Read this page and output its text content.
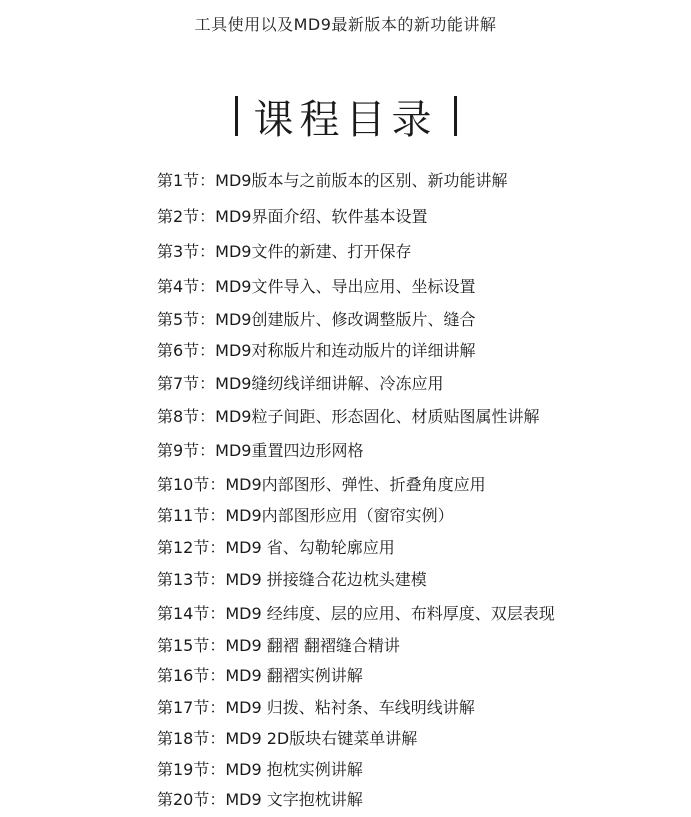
工具使用以及MD9最新版本的新功能讲解
课程目录
第1节：MD9版本与之前版本的区别、新功能讲解
第2节：MD9界面介绍、软件基本设置
第3节：MD9文件的新建、打开保存
第4节：MD9文件导入、导出应用、坐标设置
第5节：MD9创建版片、修改调整版片、缝合
第6节：MD9对称版片和连动版片的详细讲解
第7节：MD9缝纫线详细讲解、冷冻应用
第8节：MD9粒子间距、形态固化、材质贴图属性讲解
第9节：MD9重置四边形网格
第10节：MD9内部图形、弹性、折叠角度应用
第11节：MD9内部图形应用（窗帘实例）
第12节：MD9 省、勾勒轮廓应用
第13节：MD9 拼接缝合花边枕头建模
第14节：MD9 经纬度、层的应用、布料厚度、双层表现
第15节：MD9 翻褶 翻褶缝合精讲
第16节：MD9 翻褶实例讲解
第17节：MD9 归拨、粘衬条、车线明线讲解
第18节：MD9 2D版块右键菜单讲解
第19节：MD9 抱枕实例讲解
第20节：MD9 文字抱枕讲解
